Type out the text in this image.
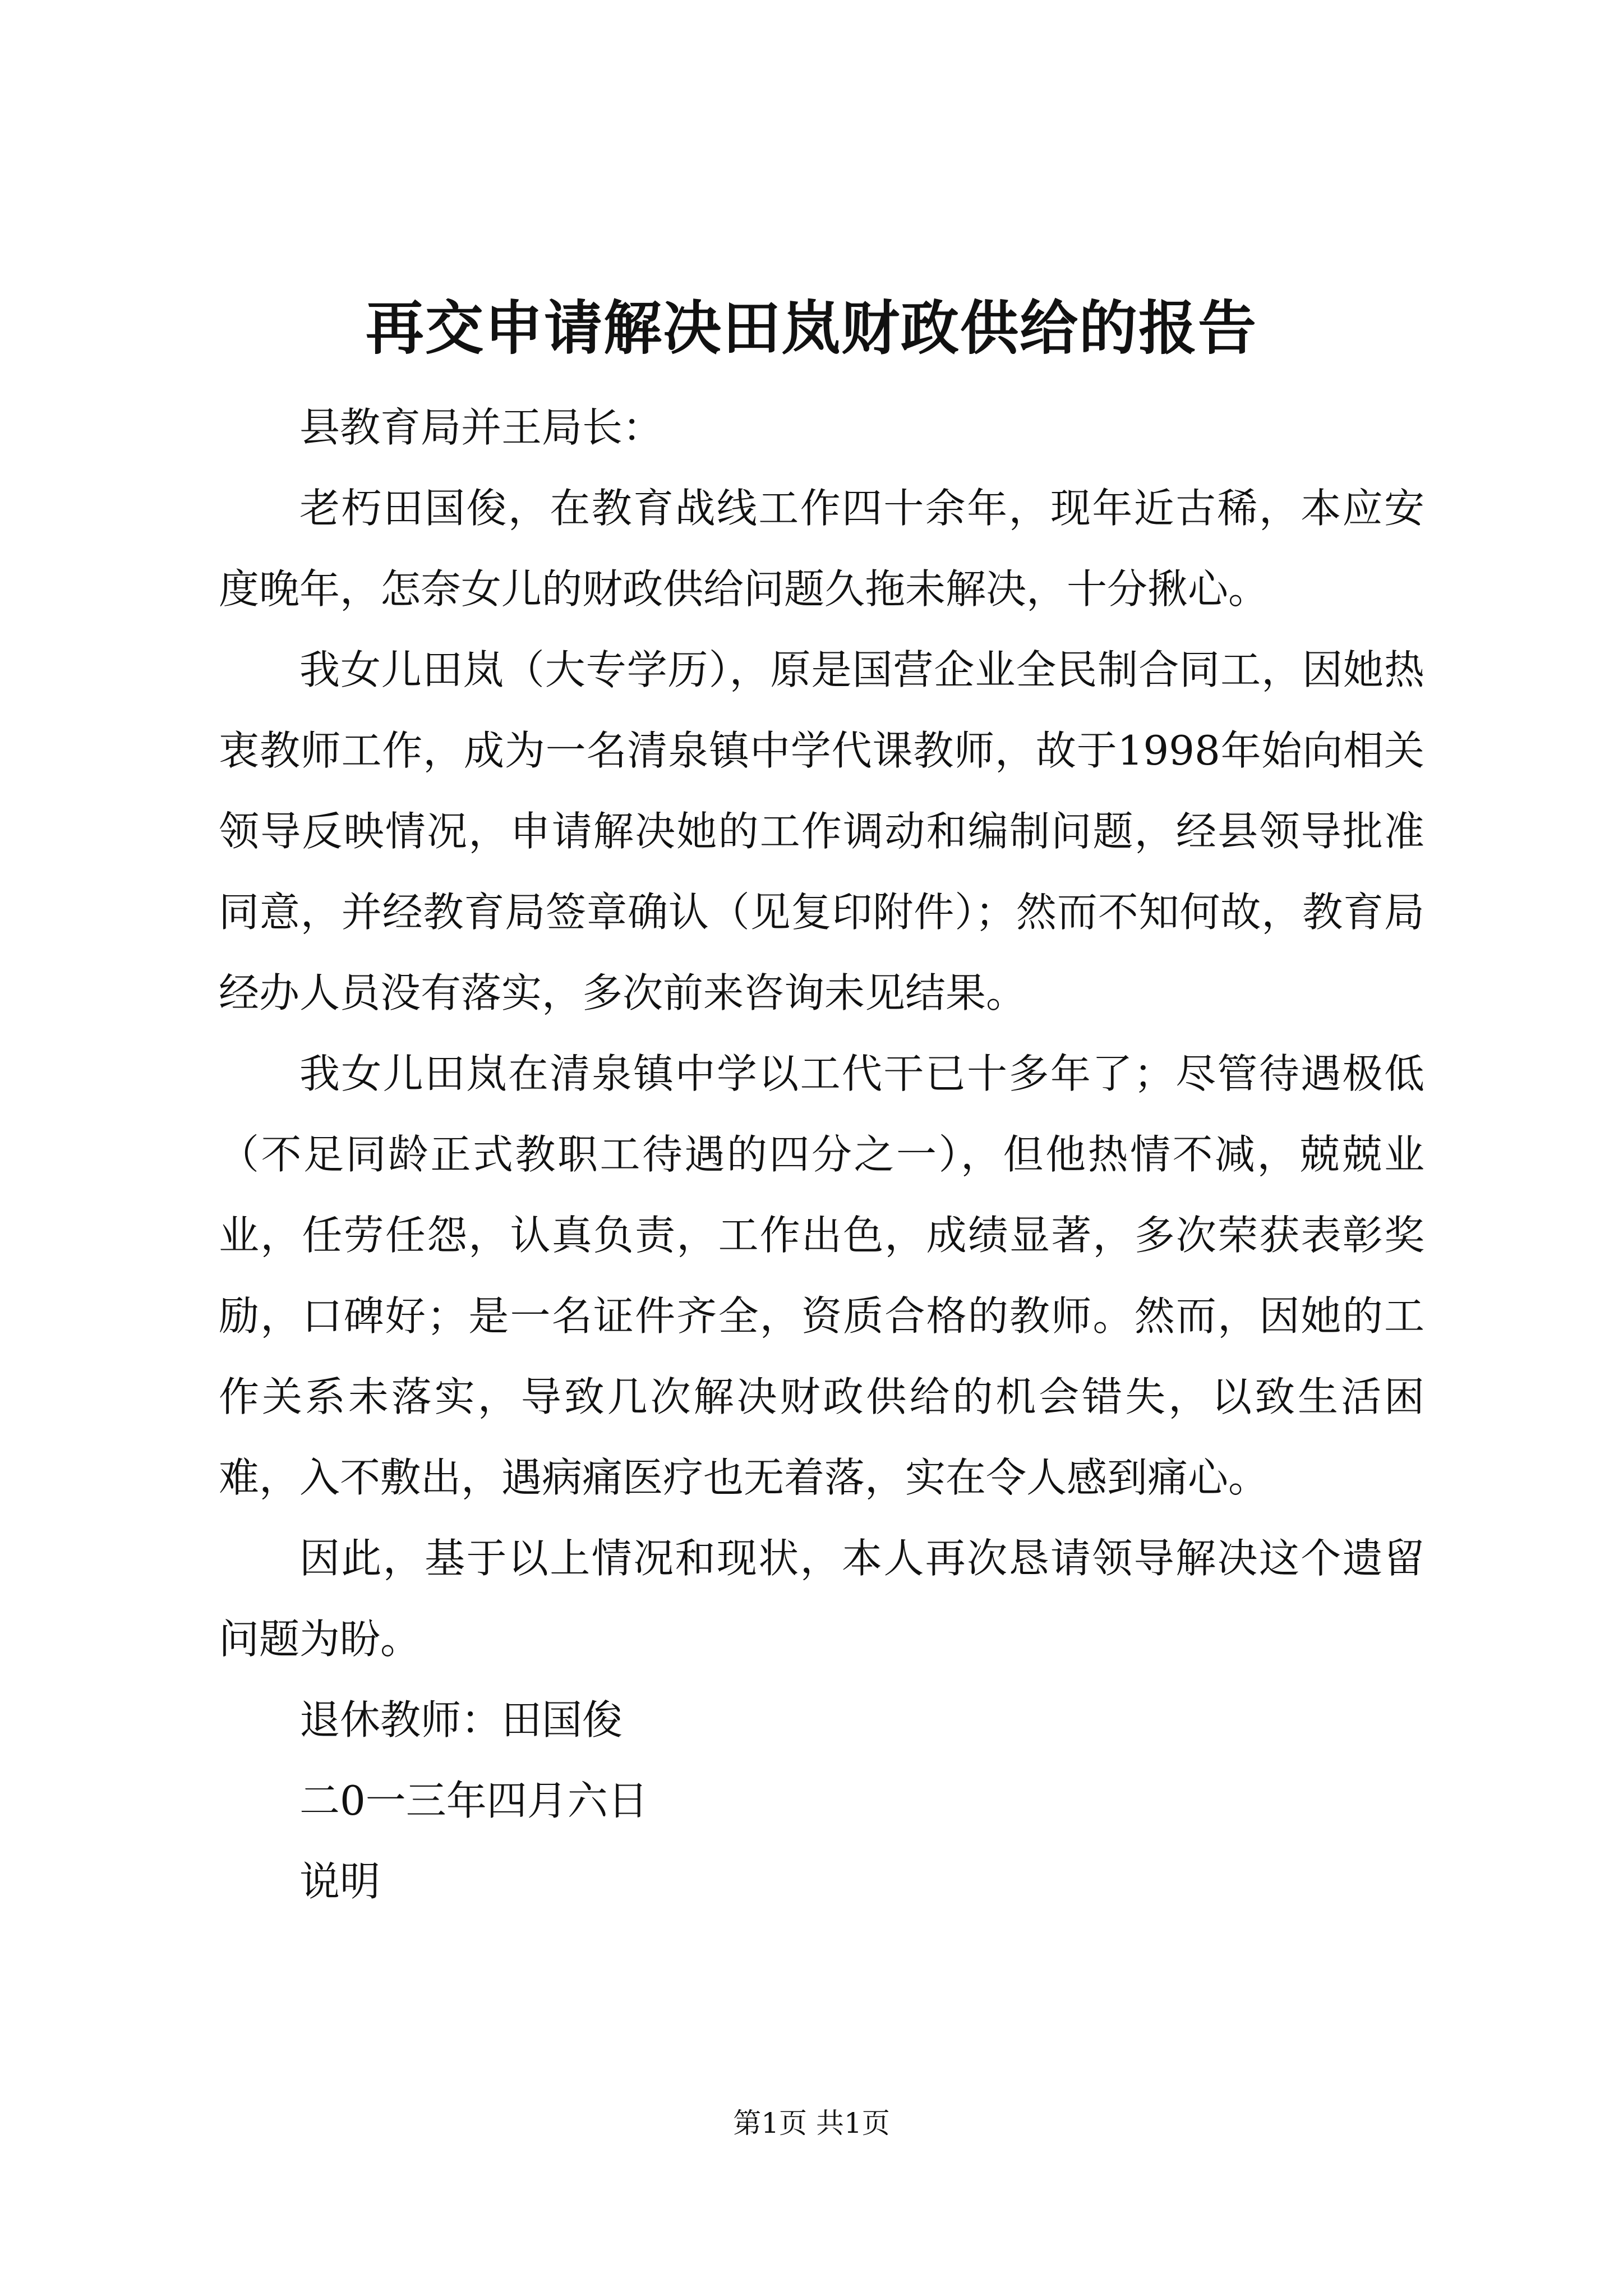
再交申请解决田岚财政供给的报告

县教育局并王局长：

老朽田国俊，在教育战线工作四十余年，现年近古稀，本应安度晚年，怎奈女儿的财政供给问题久拖未解决，十分揪心。

我女儿田岚（大专学历），原是国营企业全民制合同工，因她热衷教师工作，成为一名清泉镇中学代课教师，故于1998年始向相关领导反映情况，申请解决她的工作调动和编制问题，经县领导批准同意，并经教育局签章确认（见复印附件）；然而不知何故，教育局经办人员没有落实，多次前来咨询未见结果。

我女儿田岚在清泉镇中学以工代干已十多年了；尽管待遇极低（不足同龄正式教职工待遇的四分之一），但他热情不减，兢兢业业，任劳任怨，认真负责，工作出色，成绩显著，多次荣获表彰奖励，口碑好；是一名证件齐全，资质合格的教师。然而，因她的工作关系未落实，导致几次解决财政供给的机会错失，以致生活困难，入不敷出，遇病痛医疗也无着落，实在令人感到痛心。

因此，基于以上情况和现状，本人再次恳请领导解决这个遗留问题为盼。

退休教师：田国俊

二0一三年四月六日

说明

第1页 共1页
